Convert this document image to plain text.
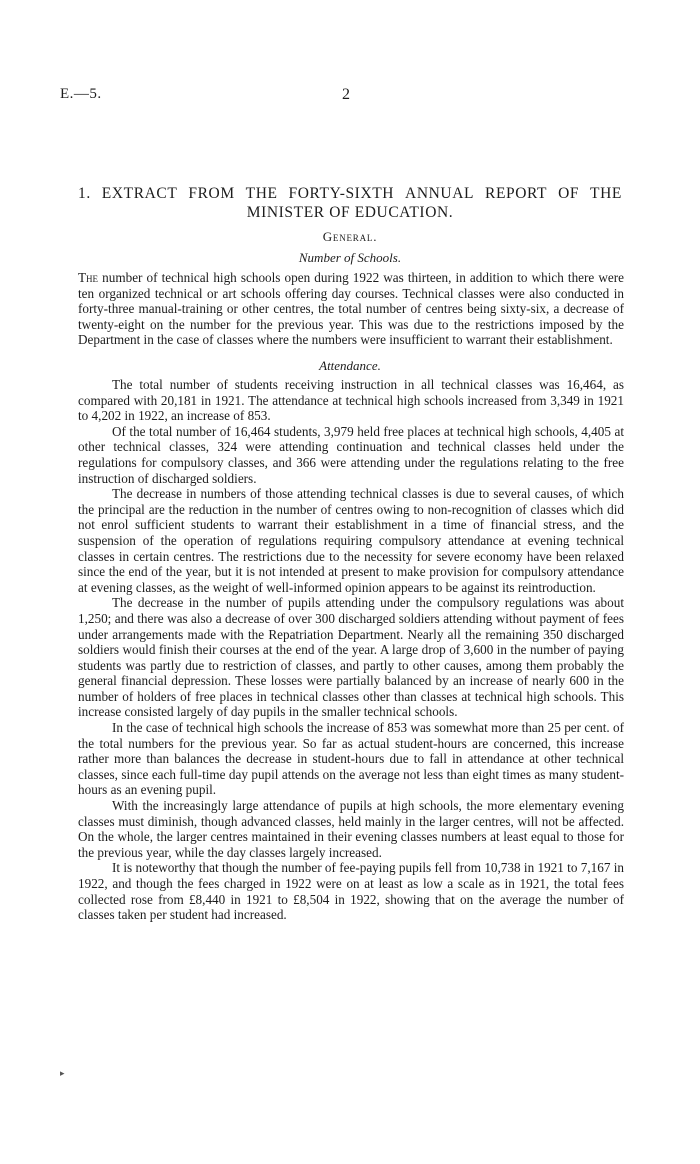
E.—5.	2
1. EXTRACT FROM THE FORTY-SIXTH ANNUAL REPORT OF THE
MINISTER OF EDUCATION.
General.
Number of Schools.

The number of technical high schools open during 1922 was thirteen, in addition to which there were ten organized technical or art schools offering day courses. Technical classes were also conducted in forty-three manual-training or other centres, the total number of centres being sixty-six, a decrease of twenty-eight on the number for the previous year. This was due to the restrictions imposed by the Department in the case of classes where the numbers were insufficient to warrant their establishment.

Attendance.

The total number of students receiving instruction in all technical classes was 16,464, as compared with 20,181 in 1921. The attendance at technical high schools increased from 3,349 in 1921 to 4,202 in 1922, an increase of 853.

Of the total number of 16,464 students, 3,979 held free places at technical high schools, 4,405 at other technical classes, 324 were attending continuation and technical classes held under the regulations for compulsory classes, and 366 were attending under the regulations relating to the free instruction of discharged soldiers.

The decrease in numbers of those attending technical classes is due to several causes, of which the principal are the reduction in the number of centres owing to non-recognition of classes which did not enrol sufficient students to warrant their establishment in a time of financial stress, and the suspension of the operation of regulations requiring compulsory attendance at evening technical classes in certain centres. The restrictions due to the necessity for severe economy have been relaxed since the end of the year, but it is not intended at present to make provision for compulsory attendance at evening classes, as the weight of well-informed opinion appears to be against its reintroduction.

The decrease in the number of pupils attending under the compulsory regulations was about 1,250; and there was also a decrease of over 300 discharged soldiers attending without payment of fees under arrangements made with the Repatriation Department. Nearly all the remaining 350 discharged soldiers would finish their courses at the end of the year. A large drop of 3,600 in the number of paying students was partly due to restriction of classes, and partly to other causes, among them probably the general financial depression. These losses were partially balanced by an increase of nearly 600 in the number of holders of free places in technical classes other than classes at technical high schools. This increase consisted largely of day pupils in the smaller technical schools.

In the case of technical high schools the increase of 853 was somewhat more than 25 per cent. of the total numbers for the previous year. So far as actual student-hours are concerned, this increase rather more than balances the decrease in student-hours due to fall in attendance at other technical classes, since each full-time day pupil attends on the average not less than eight times as many student-hours as an evening pupil.

With the increasingly large attendance of pupils at high schools, the more elementary evening classes must diminish, though advanced classes, held mainly in the larger centres, will not be affected. On the whole, the larger centres maintained in their evening classes numbers at least equal to those for the previous year, while the day classes largely increased.

It is noteworthy that though the number of fee-paying pupils fell from 10,738 in 1921 to 7,167 in 1922, and though the fees charged in 1922 were on at least as low a scale as in 1921, the total fees collected rose from £8,440 in 1921 to £8,504 in 1922, showing that on the average the number of classes taken per student had increased.

▸
